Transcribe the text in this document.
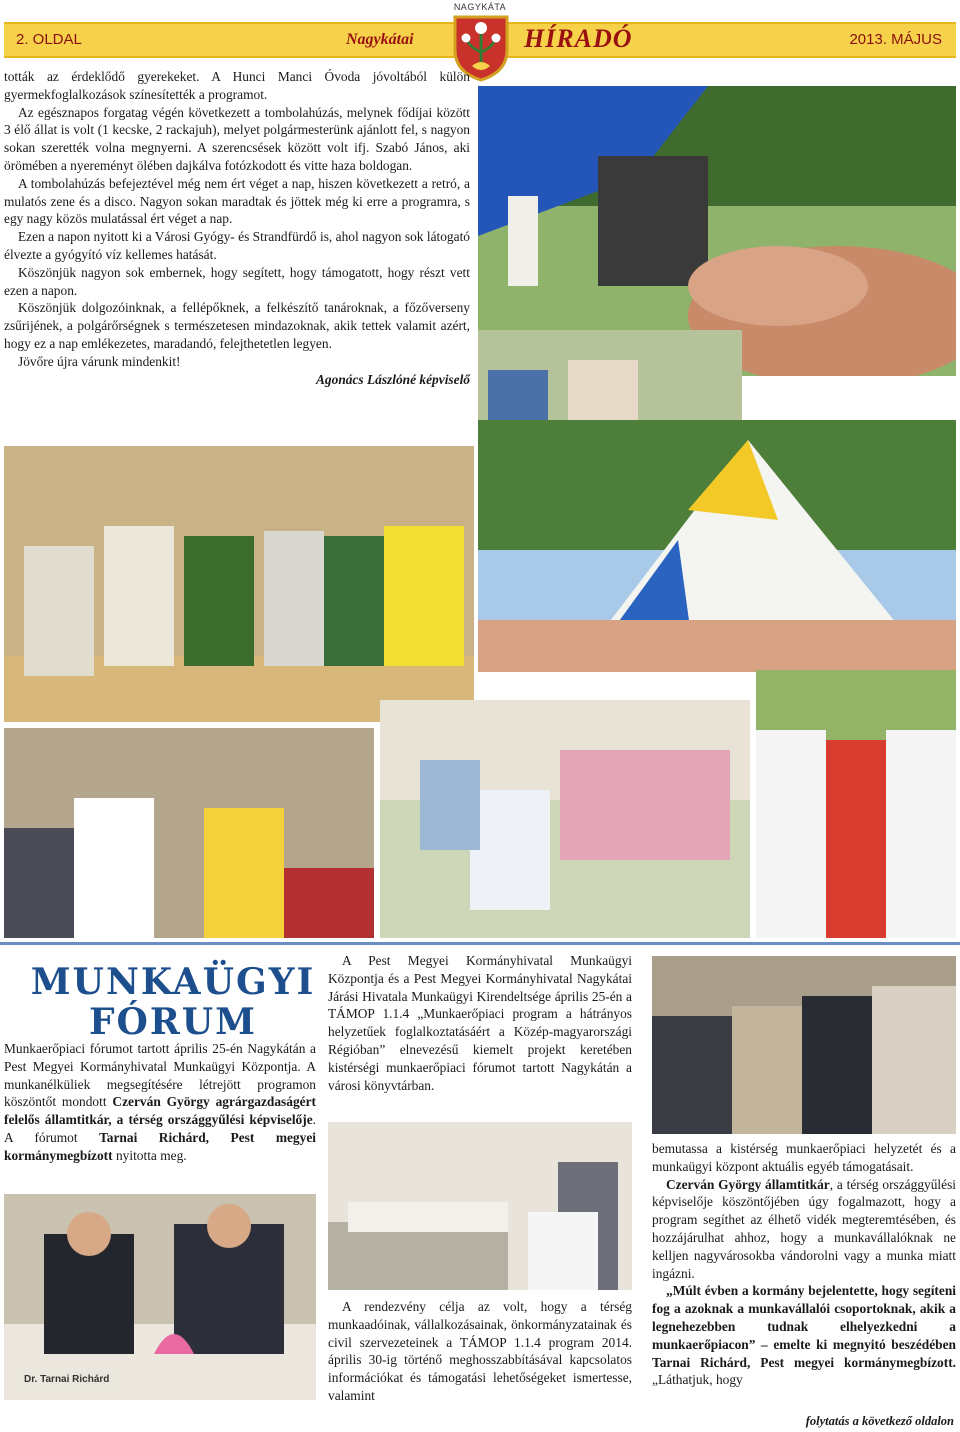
2. OLDAL	Nagykátai	HÍRADÓ	2013. MÁJUS
NAGYKÁTA

tották az érdeklődő gyerekeket. A Hunci Manci Óvoda jóvoltából külön gyermekfoglalkozások színesítették a programot.

Az egésznapos forgatag végén következett a tombolahúzás, melynek fődíjai között 3 élő állat is volt (1 kecske, 2 rackajuh), melyet polgármesterünk ajánlott fel, s nagyon sokan szerették volna megnyerni. A szerencsések között volt ifj. Szabó János, aki örömében a nyereményt ölében dajkálva fotózkodott és vitte haza boldogan.

A tombolahúzás befejeztével még nem ért véget a nap, hiszen következett a retró, a mulatós zene és a disco. Nagyon sokan maradtak és jöttek még ki erre a programra, s egy nagy közös mulatással ért véget a nap.

Ezen a napon nyitott ki a Városi Gyógy- és Strandfürdő is, ahol nagyon sok látogató élvezte a gyógyító víz kellemes hatását.

Köszönjük nagyon sok embernek, hogy segített, hogy támogatott, hogy részt vett ezen a napon.

Köszönjük dolgozóinknak, a fellépőknek, a felkészítő tanároknak, a főzőverseny zsűrijének, a polgárőrségnek s természetesen mindazoknak, akik tettek valamit azért, hogy ez a nap emlékezetes, maradandó, felejthetetlen legyen.

Jövőre újra várunk mindenkit!

Agonács Lászlóné képviselő
MUNKAÜGYI
FÓRUM

Munkaerőpiaci fórumot tartott április 25-én Nagykátán a Pest Megyei Kormányhivatal Munkaügyi Központja. A munkanélküliek megsegítésére létrejött programon köszöntőt mondott Czerván György agrárgazdaságért felelős államtitkár, a térség országgyűlési képviselője. A fórumot Tarnai Richárd, Pest megyei kormánymegbízott nyitotta meg.

Dr. Tarnai Richárd

A Pest Megyei Kormányhivatal Munkaügyi Központja és a Pest Megyei Kormányhivatal Nagykátai Járási Hivatala Munkaügyi Kirendeltsége április 25-én a TÁMOP 1.1.4 „Munkaerőpiaci program a hátrányos helyzetűek foglalkoztatásáért a Közép-magyarországi Régióban” elnevezésű kiemelt projekt keretében kistérségi munkaerőpiaci fórumot tartott Nagykátán a városi könyvtárban.

A rendezvény célja az volt, hogy a térség munkaadóinak, vállalkozásainak, önkormányzatainak és civil szervezeteinek a TÁMOP 1.1.4 program 2014. április 30-ig történő meghosszabbításával kapcsolatos információkat és támogatási lehetőségeket ismertesse, valamint

bemutassa a kistérség munkaerőpiaci helyzetét és a munkaügyi központ aktuális egyéb támogatásait.

Czerván György államtitkár, a térség országgyűlési képviselője köszöntőjében úgy fogalmazott, hogy a program segíthet az élhető vidék megteremtésében, és hozzájárulhat ahhoz, hogy a munkavállalóknak ne kelljen nagyvárosokba vándorolni vagy a munka miatt ingázni.

„Múlt évben a kormány bejelentette, hogy segíteni fog a azoknak a munkavállalói csoportoknak, akik a legnehezebben tudnak elhelyezkedni a munkaerőpiacon” – emelte ki megnyitó beszédében Tarnai Richárd, Pest megyei kormánymegbízott. „Láthatjuk, hogy

folytatás a következő oldalon
